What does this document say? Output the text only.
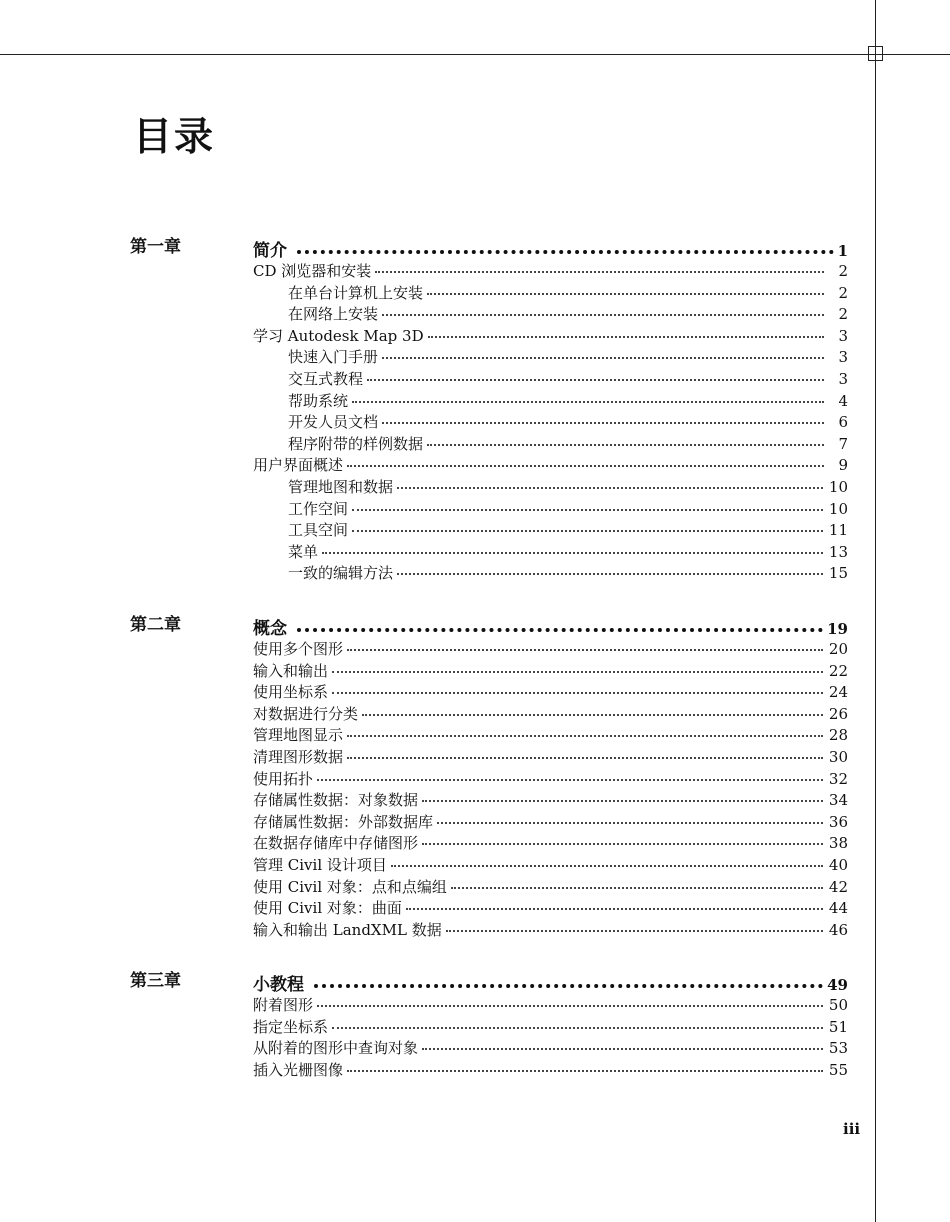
目录
第一章	简介	1
CD 浏览器和安装	2
在单台计算机上安装	2
在网络上安装	2
学习 Autodesk Map 3D	3
快速入门手册	3
交互式教程	3
帮助系统	4
开发人员文档	6
程序附带的样例数据	7
用户界面概述	9
管理地图和数据	10
工作空间	10
工具空间	11
菜单	13
一致的编辑方法	15
第二章	概念	19
使用多个图形	20
输入和输出	22
使用坐标系	24
对数据进行分类	26
管理地图显示	28
清理图形数据	30
使用拓扑	32
存储属性数据：对象数据	34
存储属性数据：外部数据库	36
在数据存储库中存储图形	38
管理 Civil 设计项目	40
使用 Civil 对象：点和点编组	42
使用 Civil 对象：曲面	44
输入和输出 LandXML 数据	46
第三章	小教程	49
附着图形	50
指定坐标系	51
从附着的图形中查询对象	53
插入光栅图像	55
iii
